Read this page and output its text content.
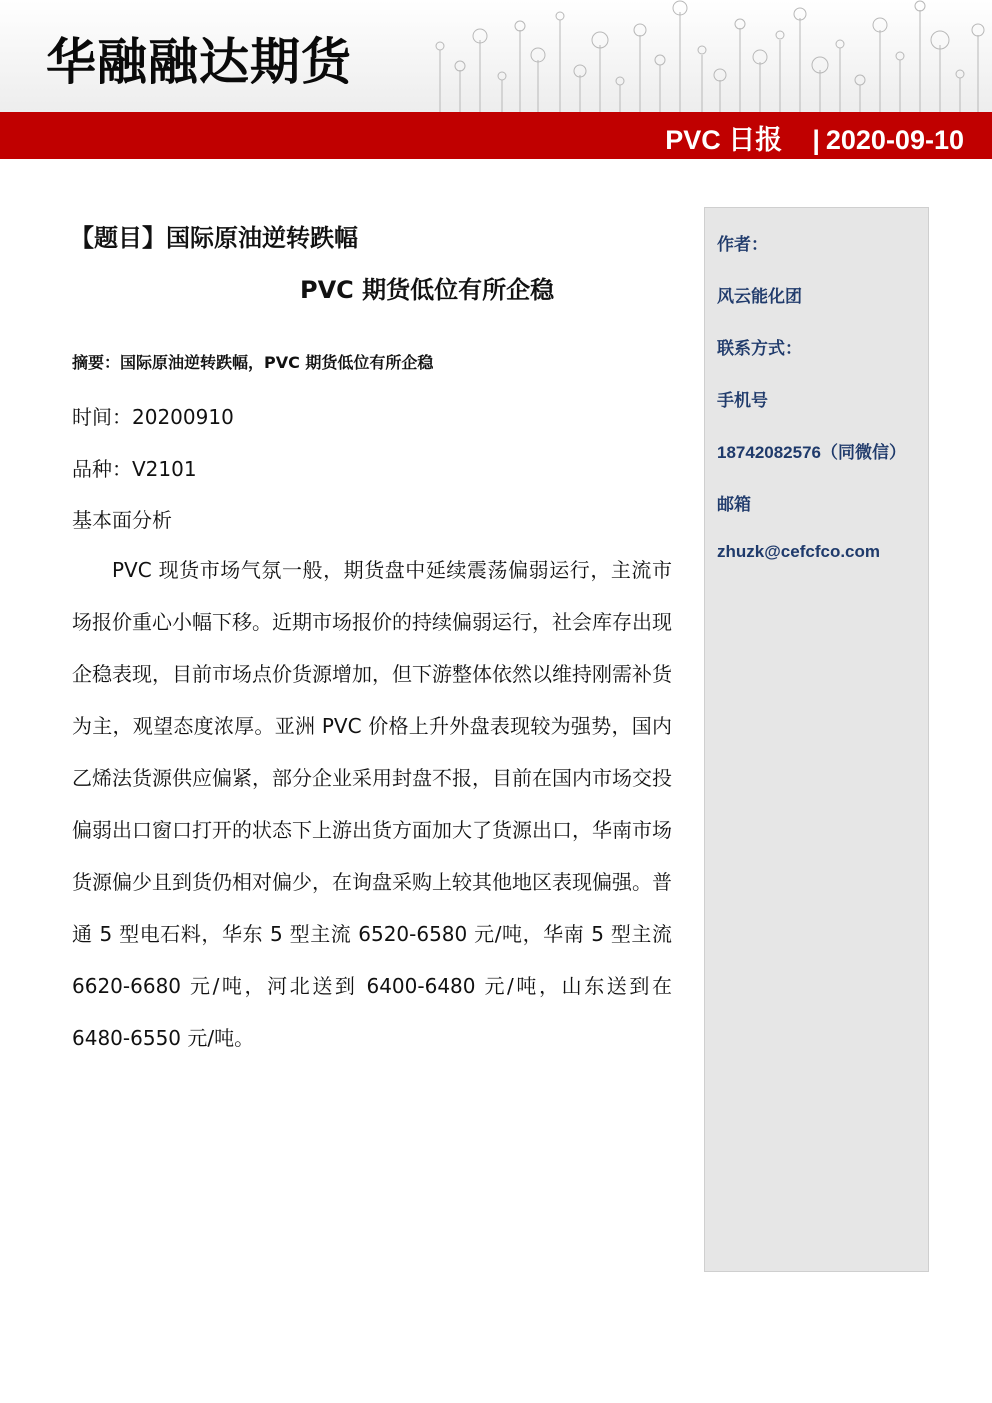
华融融达期货
PVC 日报 | 2020-09-10
【题目】国际原油逆转跌幅
PVC 期货低位有所企稳
摘要：国际原油逆转跌幅，PVC 期货低位有所企稳
时间：20200910
品种：V2101
基本面分析
PVC 现货市场气氛一般，期货盘中延续震荡偏弱运行，主流市场报价重心小幅下移。近期市场报价的持续偏弱运行，社会库存出现企稳表现，目前市场点价货源增加，但下游整体依然以维持刚需补货为主，观望态度浓厚。亚洲 PVC 价格上升外盘表现较为强势，国内乙烯法货源供应偏紧，部分企业采用封盘不报，目前在国内市场交投偏弱出口窗口打开的状态下上游出货方面加大了货源出口，华南市场货源偏少且到货仍相对偏少，在询盘采购上较其他地区表现偏强。普通 5 型电石料，华东 5 型主流 6520-6580 元/吨，华南 5 型主流 6620-6680 元/吨，河北送到 6400-6480 元/吨，山东送到在 6480-6550 元/吨。
作者：
风云能化团
联系方式：
手机号
18742082576（同微信）
邮箱
zhuzk@cefcfco.com
